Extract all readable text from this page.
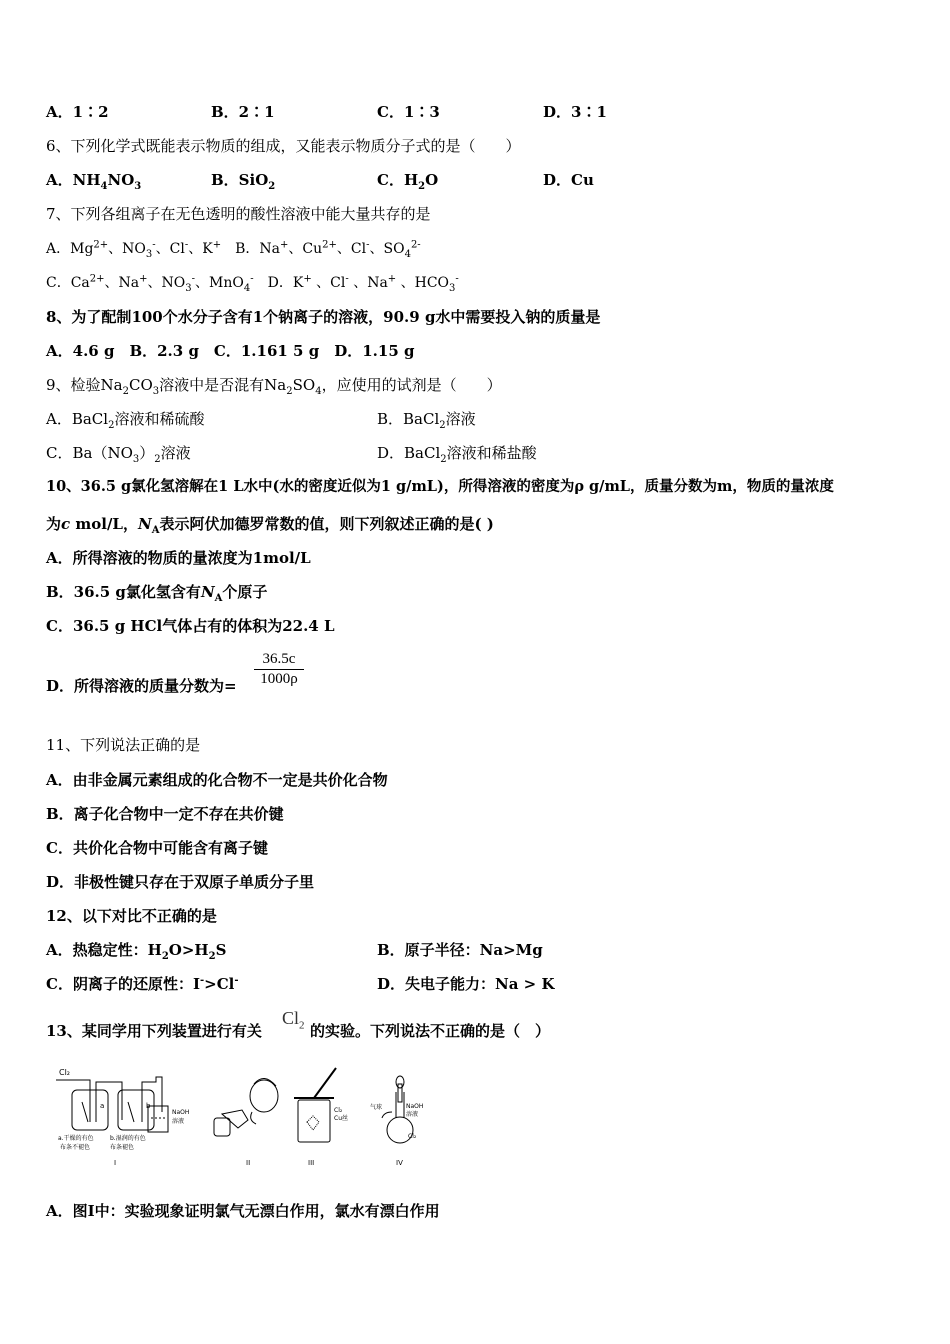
A．1∶2	B．2∶1	C．1∶3	D．3∶1
6、下列化学式既能表示物质的组成，又能表示物质分子式的是（　　）
A．$NH_4NO_3$	B．SiO$_2$	C．$H_2O$	D．Cu
7、下列各组离子在无色透明的酸性溶液中能大量共存的是
A．$Mg^{2+}$、$NO_3^-$、Cl-、K+　B．Na+、$Cu^{2+}$、Cl-、$SO_4^{2-}$
C．$Ca^{2+}$、Na+、$NO_3^-$、MnO$_4$-　D．K+ 、Cl- 、Na+ 、$HCO_3^-$
8、为了配制100个水分子含有1个钠离子的溶液，90.9 g水中需要投入钠的质量是
A．4.6 g　B．2.3 g　C．1.161 5 g　D．1.15 g
9、检验$Na_2CO_3$溶液中是否混有$Na_2SO_4$，应使用的试剂是（　　）
A．BaCl$_2$溶液和稀硫酸	B．BaCl$_2$溶液
C．$Ba(NO_3)_2$溶液	D．BaCl$_2$溶液和稀盐酸
10、36.5 g氯化氢溶解在1 L水中(水的密度近似为1 g/mL)，所得溶液的密度为ρ g/mL，质量分数为m，物质的量浓度
为c mol/L，$N_A$表示阿伏加德罗常数的值，则下列叙述正确的是( )
A．所得溶液的物质的量浓度为1mol/L
B．36.5 g氯化氢含有$N_A$个原子
C．36.5 g HCl气体占有的体积为22.4 L
D．所得溶液的质量分数为= $\frac{36.5c}{1000\rho}$
11、下列说法正确的是
A．由非金属元素组成的化合物不一定是共价化合物
B．离子化合物中一定不存在共价键
C．共价化合物中可能含有离子键
D．非极性键只存在于双原子单质分子里
12、以下对比不正确的是
A．热稳定性：$H_2O>H_2S$	B．原子半径：Na>Mg
C．阴离子的还原性：I->Cl-	D．失电子能力：Na > K
13、某同学用下列装置进行有关
$Cl_2$ 的实验。下列说法不正确的是（　）
Cl₂
a	b
NaOH
溶液
a.干燥的有色
布条不褪色
b.湿润的有色
布条褪色
I	II
Cl₂
Cu丝
III
气球	NaOH
溶液
Cl₂
IV
A．图Ⅰ中：实验现象证明氯气无漂白作用，氯水有漂白作用
